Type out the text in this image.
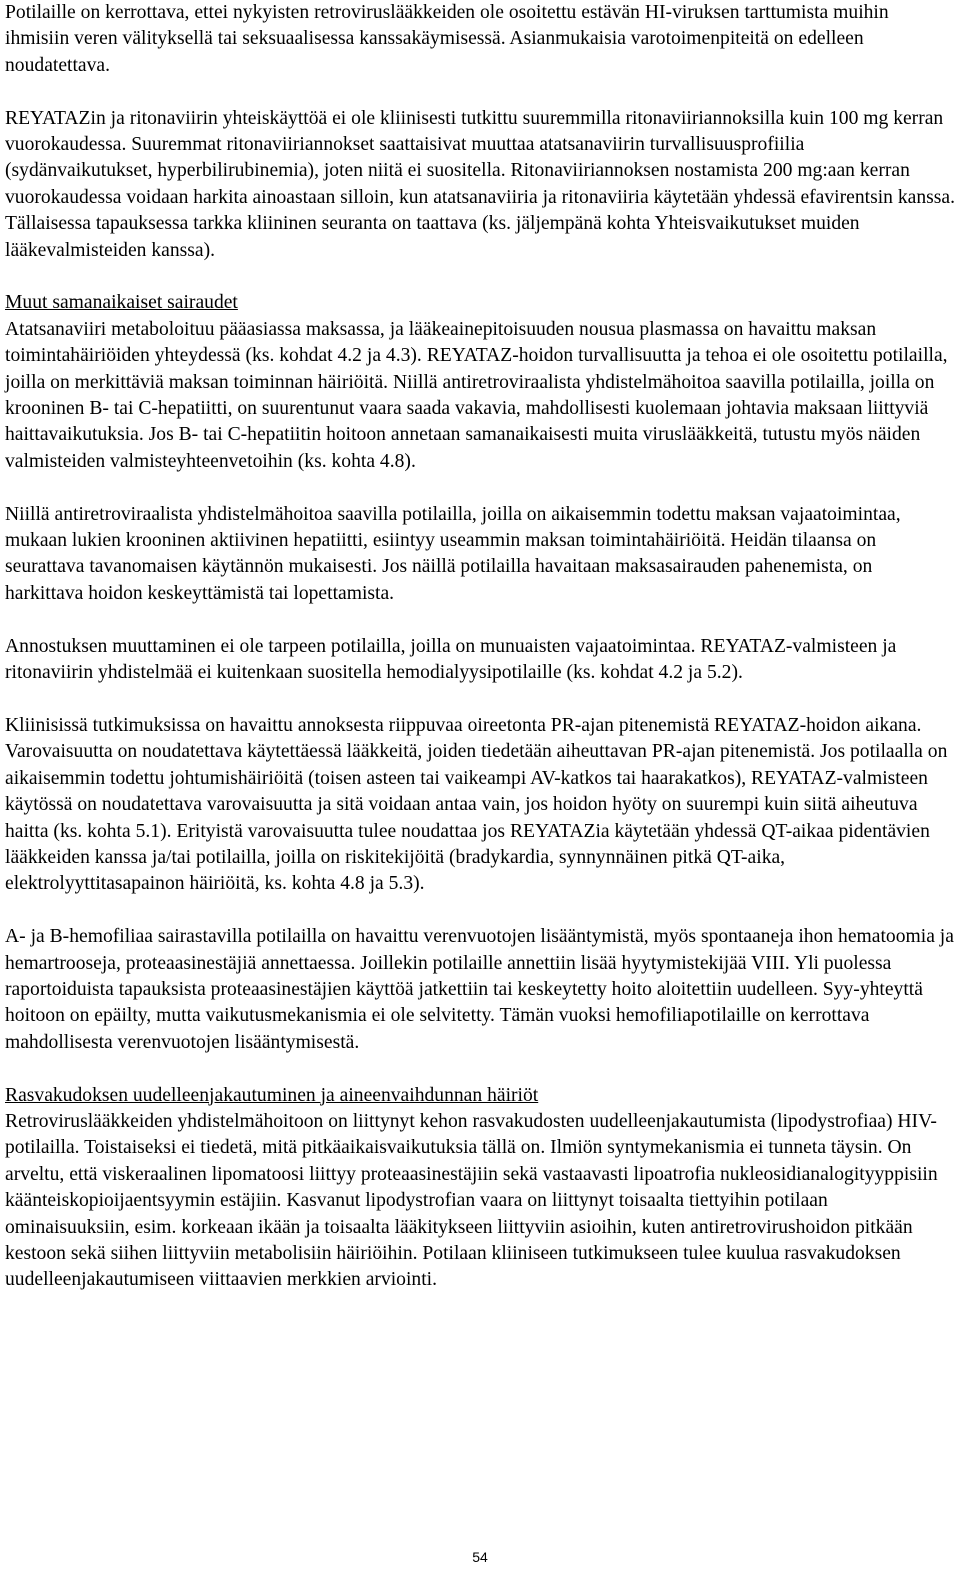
Potilaille on kerrottava, ettei nykyisten retroviruslääkkeiden ole osoitettu estävän HI-viruksen tarttumista muihin ihmisiin veren välityksellä tai seksuaalisessa kanssakäymisessä. Asianmukaisia varotoimenpiteitä on edelleen noudatettava.

REYATAZin ja ritonaviirin yhteiskäyttöä ei ole kliinisesti tutkittu suuremmilla ritonaviiriannoksilla kuin 100 mg kerran vuorokaudessa. Suuremmat ritonaviiriannokset saattaisivat muuttaa atatsanaviirin turvallisuusprofiilia (sydänvaikutukset, hyperbilirubinemia), joten niitä ei suositella. Ritonaviiriannoksen nostamista 200 mg:aan kerran vuorokaudessa voidaan harkita ainoastaan silloin, kun atatsanaviiria ja ritonaviiria käytetään yhdessä efavirentsin kanssa. Tällaisessa tapauksessa tarkka kliininen seuranta on taattava (ks. jäljempänä kohta Yhteisvaikutukset muiden lääkevalmisteiden kanssa).

Muut samanaikaiset sairaudet

Atatsanaviiri metaboloituu pääasiassa maksassa, ja lääkeainepitoisuuden nousua plasmassa on havaittu maksan toimintahäiriöiden yhteydessä (ks. kohdat 4.2 ja 4.3). REYATAZ-hoidon turvallisuutta ja tehoa ei ole osoitettu potilailla, joilla on merkittäviä maksan toiminnan häiriöitä. Niillä antiretroviraalista yhdistelmähoitoa saavilla potilailla, joilla on krooninen B- tai C-hepatiitti, on suurentunut vaara saada vakavia, mahdollisesti kuolemaan johtavia maksaan liittyviä haittavaikutuksia. Jos B- tai C-hepatiitin hoitoon annetaan samanaikaisesti muita viruslääkkeitä, tutustu myös näiden valmisteiden valmisteyhteenvetoihin (ks. kohta 4.8).

Niillä antiretroviraalista yhdistelmähoitoa saavilla potilailla, joilla on aikaisemmin todettu maksan vajaatoimintaa, mukaan lukien krooninen aktiivinen hepatiitti, esiintyy useammin maksan toimintahäiriöitä. Heidän tilaansa on seurattava tavanomaisen käytännön mukaisesti. Jos näillä potilailla havaitaan maksasairauden pahenemista, on harkittava hoidon keskeyttämistä tai lopettamista.

Annostuksen muuttaminen ei ole tarpeen potilailla, joilla on munuaisten vajaatoimintaa. REYATAZ-valmisteen ja ritonaviirin yhdistelmää ei kuitenkaan suositella hemodialyysipotilaille (ks. kohdat 4.2 ja 5.2).

Kliinisissä tutkimuksissa on havaittu annoksesta riippuvaa oireetonta PR-ajan pitenemistä REYATAZ-hoidon aikana. Varovaisuutta on noudatettava käytettäessä lääkkeitä, joiden tiedetään aiheuttavan PR-ajan pitenemistä. Jos potilaalla on aikaisemmin todettu johtumishäiriöitä (toisen asteen tai vaikeampi AV-katkos tai haarakatkos), REYATAZ-valmisteen käytössä on noudatettava varovaisuutta ja sitä voidaan antaa vain, jos hoidon hyöty on suurempi kuin siitä aiheutuva haitta (ks. kohta 5.1). Erityistä varovaisuutta tulee noudattaa jos REYATAZia käytetään yhdessä QT-aikaa pidentävien lääkkeiden kanssa ja/tai potilailla, joilla on riskitekijöitä (bradykardia, synnynnäinen pitkä QT-aika, elektrolyyttitasapainon häiriöitä, ks. kohta 4.8 ja 5.3).

A- ja B-hemofiliaa sairastavilla potilailla on havaittu verenvuotojen lisääntymistä, myös spontaaneja ihon hematoomia ja hemartrooseja, proteaasinestäjiä annettaessa. Joillekin potilaille annettiin lisää hyytymistekijää VIII. Yli puolessa raportoiduista tapauksista proteaasinestäjien käyttöä jatkettiin tai keskeytetty hoito aloitettiin uudelleen. Syy-yhteyttä hoitoon on epäilty, mutta vaikutusmekanismia ei ole selvitetty. Tämän vuoksi hemofiliapotilaille on kerrottava mahdollisesta verenvuotojen lisääntymisestä.

Rasvakudoksen uudelleenjakautuminen ja aineenvaihdunnan häiriöt

Retroviruslääkkeiden yhdistelmähoitoon on liittynyt kehon rasvakudosten uudelleenjakautumista (lipodystrofiaa) HIV-potilailla. Toistaiseksi ei tiedetä, mitä pitkäaikaisvaikutuksia tällä on. Ilmiön syntymekanismia ei tunneta täysin. On arveltu, että viskeraalinen lipomatoosi liittyy proteaasinestäjiin sekä vastaavasti lipoatrofia nukleosidianalogityyppisiin käänteiskopioijaentsyymin estäjiin. Kasvanut lipodystrofian vaara on liittynyt toisaalta tiettyihin potilaan ominaisuuksiin, esim. korkeaan ikään ja toisaalta lääkitykseen liittyviin asioihin, kuten antiretrovirushoidon pitkään kestoon sekä siihen liittyviin metabolisiin häiriöihin. Potilaan kliiniseen tutkimukseen tulee kuulua rasvakudoksen uudelleenjakautumiseen viittaavien merkkien arviointi.

54
